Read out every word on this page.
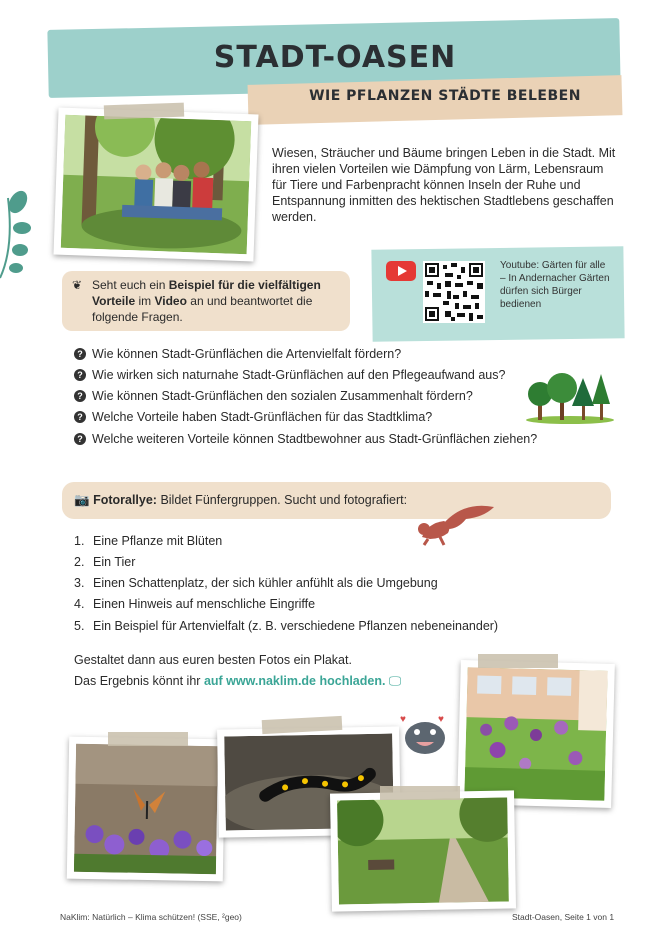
STADT-OASEN
WIE PFLANZEN STÄDTE BELEBEN
Wiesen, Sträucher und Bäume bringen Leben in die Stadt. Mit ihren vielen Vorteilen wie Dämpfung von Lärm, Lebensraum für Tiere und Farbenpracht können Inseln der Ruhe und Entspannung inmitten des hektischen Stadtlebens geschaffen werden.
❦ Seht euch ein Beispiel für die vielfältigen Vorteile im Video an und beantwortet die folgende Fragen.
Youtube: Gärten für alle – In Andernacher Gärten dürfen sich Bürger bedienen
? Wie können Stadt-Grünflächen die Artenvielfalt fördern?
? Wie wirken sich naturnahe Stadt-Grünflächen auf den Pflegeaufwand aus?
? Wie können Stadt-Grünflächen den sozialen Zusammenhalt fördern?
? Welche Vorteile haben Stadt-Grünflächen für das Stadtklima?
? Welche weiteren Vorteile können Stadtbewohner aus Stadt-Grünflächen ziehen?
📷 Fotorallye: Bildet Fünfergruppen. Sucht und fotografiert:
1. Eine Pflanze mit Blüten
2. Ein Tier
3. Einen Schattenplatz, der sich kühler anfühlt als die Umgebung
4. Einen Hinweis auf menschliche Eingriffe
5. Ein Beispiel für Artenvielfalt (z. B. verschiedene Pflanzen nebeneinander)
Gestaltet dann aus euren besten Fotos ein Plakat.
Das Ergebnis könnt ihr auf www.naklim.de hochladen. 🖵
♥	♥
NaKlim: Natürlich – Klima schützen! (SSE, ²geo)	Stadt-Oasen, Seite 1 von 1
